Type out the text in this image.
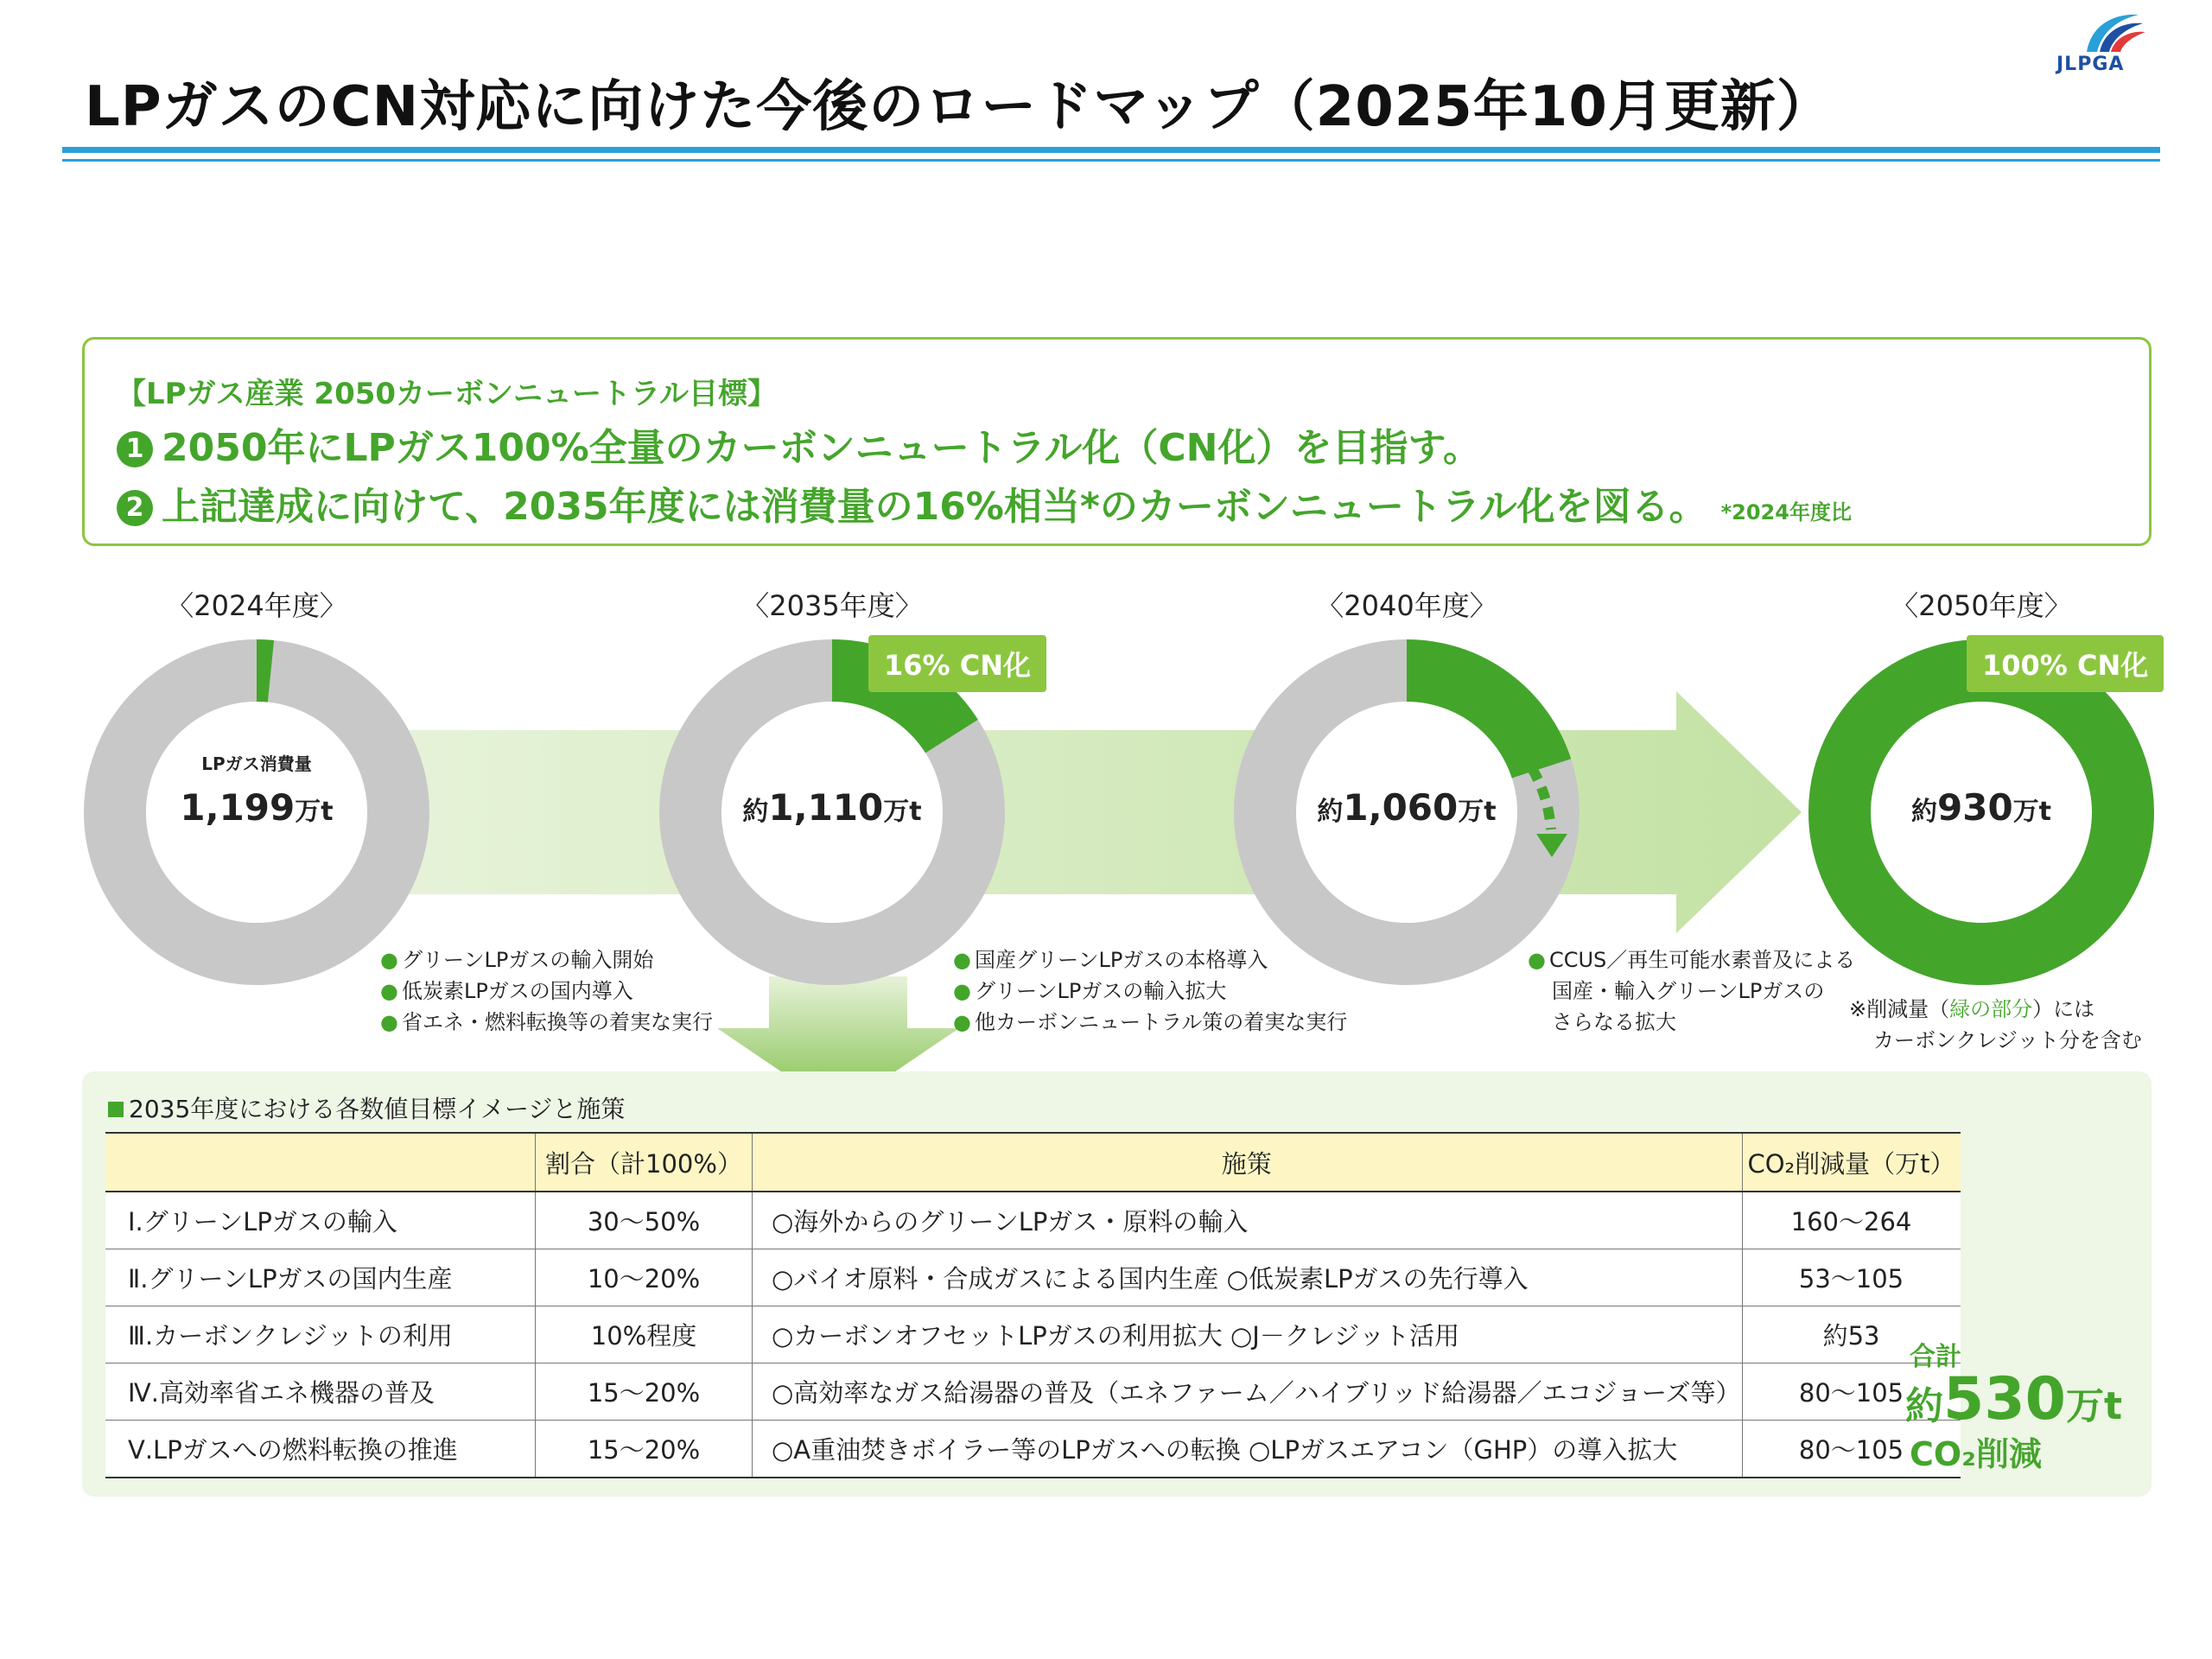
LPガスのCN対応に向けた今後のロードマップ（2025年10月更新）
JLPGA
【LPガス産業 2050カーボンニュートラル目標】
1 2050年にLPガス100%全量のカーボンニュートラル化（CN化）を目指す。
2 上記達成に向けて、2035年度には消費量の16%相当*のカーボンニュートラル化を図る。 *2024年度比
〈2024年度〉	〈2035年度〉	〈2040年度〉	〈2050年度〉
LPガス消費量
1,199万t	約1,110万t	約1,060万t	約930万t
16% CN化	100% CN化
● グリーンLPガスの輸入開始
● 低炭素LPガスの国内導入
● 省エネ・燃料転換等の着実な実行
● 国産グリーンLPガスの本格導入
● グリーンLPガスの輸入拡大
● 他カーボンニュートラル策の着実な実行
● CCUS／再生可能水素普及による
国産・輸入グリーンLPガスの
さらなる拡大
※削減量（緑の部分）には
カーボンクレジット分を含む
2035年度における各数値目標イメージと施策
	割合（計100%）	施策	CO₂削減量（万t）
Ⅰ.グリーンLPガスの輸入	30～50%	○海外からのグリーンLPガス・原料の輸入	160～264
Ⅱ.グリーンLPガスの国内生産	10～20%	○バイオ原料・合成ガスによる国内生産 ○低炭素LPガスの先行導入	53～105
Ⅲ.カーボンクレジットの利用	10%程度	○カーボンオフセットLPガスの利用拡大 ○J－クレジット活用	約53
Ⅳ.高効率省エネ機器の普及	15～20%	○高効率なガス給湯器の普及（エネファーム／ハイブリッド給湯器／エコジョーズ等）	80～105
Ⅴ.LPガスへの燃料転換の推進	15～20%	○A重油焚きボイラー等のLPガスへの転換 ○LPガスエアコン（GHP）の導入拡大	80～105
合計
約530万t
CO₂削減
